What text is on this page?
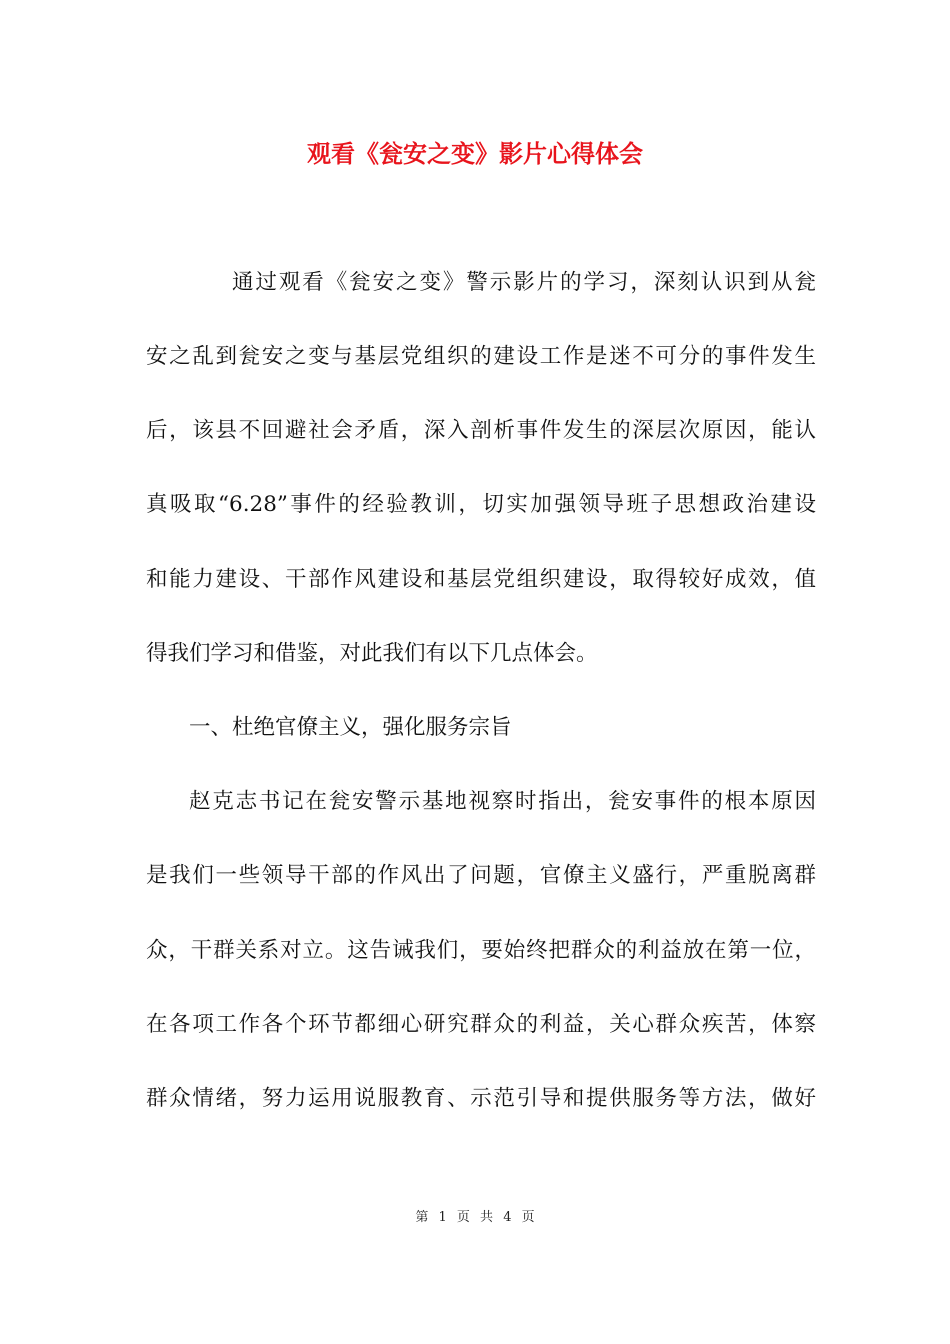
观看《瓮安之变》影片心得体会

通过观看《瓮安之变》警示影片的学习，深刻认识到从瓮

安之乱到瓮安之变与基层党组织的建设工作是迷不可分的事件发生

后，该县不回避社会矛盾，深入剖析事件发生的深层次原因，能认

真吸取“6.28”事件的经验教训，切实加强领导班子思想政治建设

和能力建设、干部作风建设和基层党组织建设，取得较好成效，值

得我们学习和借鉴，对此我们有以下几点体会。

一、杜绝官僚主义，强化服务宗旨

赵克志书记在瓮安警示基地视察时指出，瓮安事件的根本原因

是我们一些领导干部的作风出了问题，官僚主义盛行，严重脱离群

众，干群关系对立。这告诫我们，要始终把群众的利益放在第一位，

在各项工作各个环节都细心研究群众的利益，关心群众疾苦，体察

群众情绪，努力运用说服教育、示范引导和提供服务等方法，做好

第 1 页 共 4 页
